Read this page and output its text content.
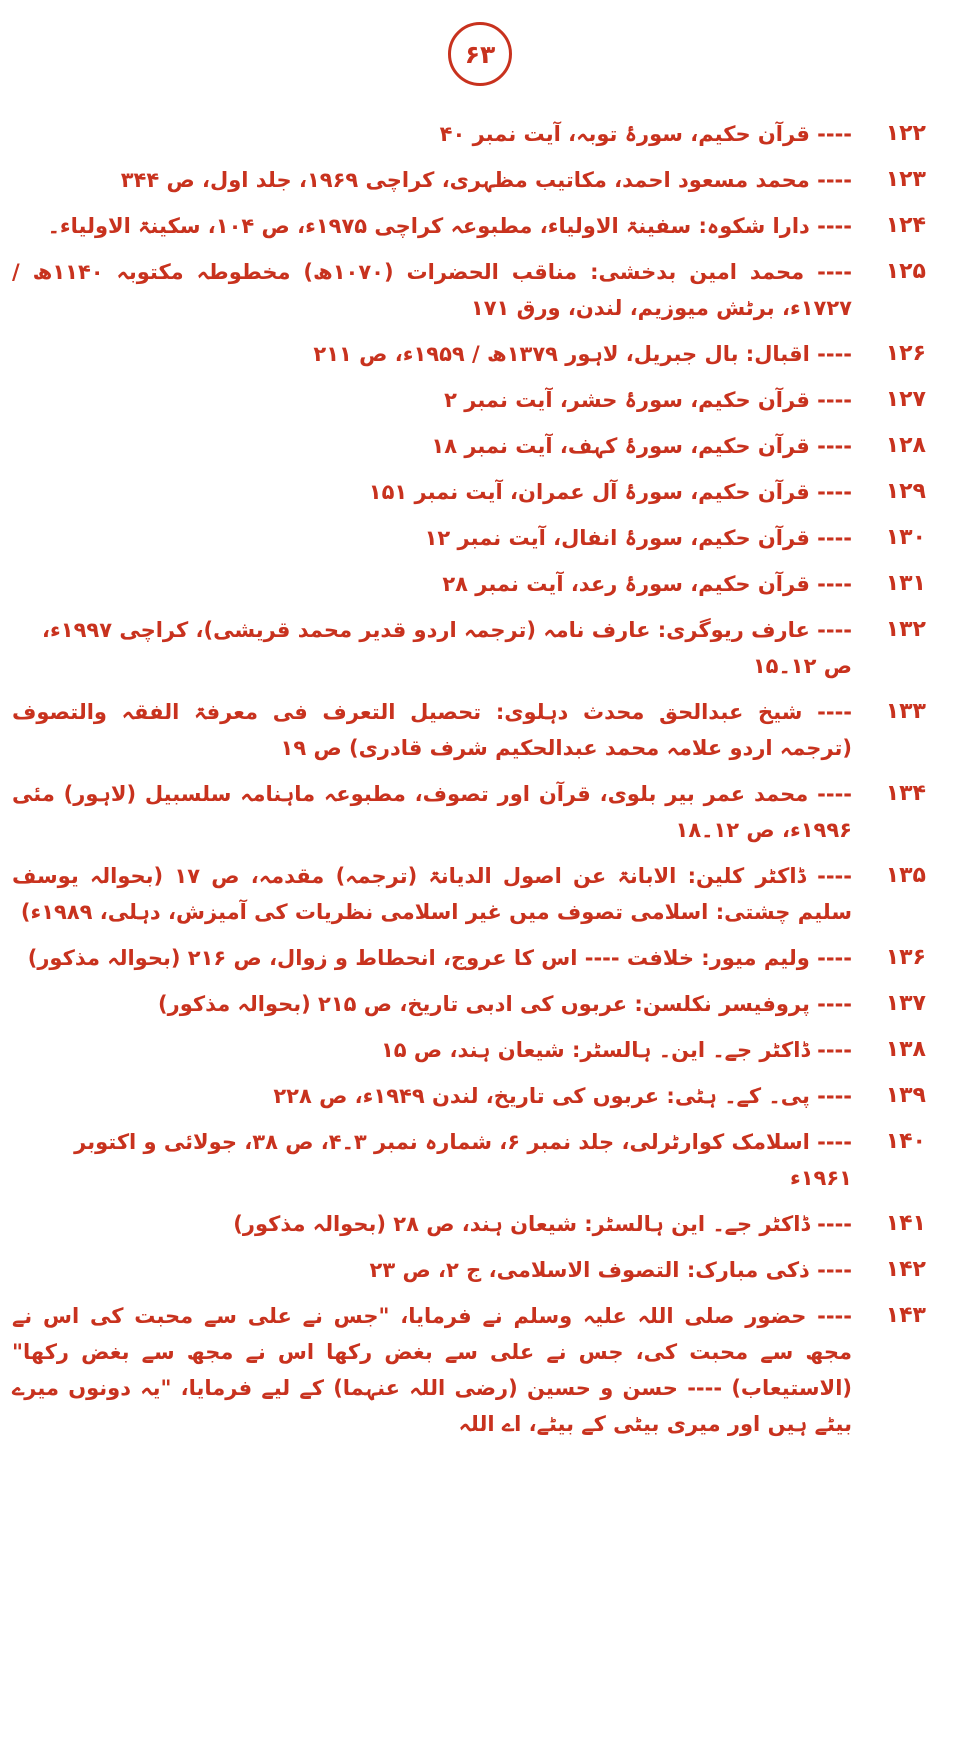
۶۳
۱۲۲
---- قرآن حکیم، سورۂ توبہ، آیت نمبر ۴۰
۱۲۳
---- محمد مسعود احمد، مکاتیب مظہری، کراچی ۱۹۶۹، جلد اول، ص ۳۴۴
۱۲۴
---- دارا شکوہ: سفینۃ الاولیاء، مطبوعہ کراچی ۱۹۷۵ء، ص ۱۰۴، سکینۃ الاولیاء۔
۱۲۵
---- محمد امین بدخشی: مناقب الحضرات (۱۰۷۰ھ) مخطوطہ مکتوبہ ۱۱۴۰ھ / ۱۷۲۷ء، برٹش میوزیم، لندن، ورق ۱۷۱
۱۲۶
---- اقبال: بال جبریل، لاہور ۱۳۷۹ھ / ۱۹۵۹ء، ص ۲۱۱
۱۲۷
---- قرآن حکیم، سورۂ حشر، آیت نمبر ۲
۱۲۸
---- قرآن حکیم، سورۂ کہف، آیت نمبر ۱۸
۱۲۹
---- قرآن حکیم، سورۂ آل عمران، آیت نمبر ۱۵۱
۱۳۰
---- قرآن حکیم، سورۂ انفال، آیت نمبر ۱۲
۱۳۱
---- قرآن حکیم، سورۂ رعد، آیت نمبر ۲۸
۱۳۲
---- عارف ریوگری: عارف نامہ (ترجمہ اردو قدیر محمد قریشی)، کراچی ۱۹۹۷ء، ص ۱۲۔۱۵
۱۳۳
---- شیخ عبدالحق محدث دہلوی: تحصیل التعرف فی معرفۃ الفقہ والتصوف (ترجمہ اردو علامہ محمد عبدالحکیم شرف قادری) ص ۱۹
۱۳۴
---- محمد عمر بیر بلوی، قرآن اور تصوف، مطبوعہ ماہنامہ سلسبیل (لاہور) مئی ۱۹۹۶ء، ص ۱۲۔۱۸
۱۳۵
---- ڈاکٹر کلین: الابانۃ عن اصول الدیانۃ (ترجمہ) مقدمہ، ص ۱۷ (بحوالہ یوسف سلیم چشتی: اسلامی تصوف میں غیر اسلامی نظریات کی آمیزش، دہلی، ۱۹۸۹ء)
۱۳۶
---- ولیم میور: خلافت ---- اس کا عروج، انحطاط و زوال، ص ۲۱۶ (بحوالہ مذکور)
۱۳۷
---- پروفیسر نکلسن: عربوں کی ادبی تاریخ، ص ۲۱۵ (بحوالہ مذکور)
۱۳۸
---- ڈاکٹر جے۔ این۔ ہالسٹر: شیعان ہند، ص ۱۵
۱۳۹
---- پی۔ کے۔ ہٹی: عربوں کی تاریخ، لندن ۱۹۴۹ء، ص ۲۲۸
۱۴۰
---- اسلامک کوارٹرلی، جلد نمبر ۶، شمارہ نمبر ۳۔۴، ص ۳۸، جولائی و اکتوبر ۱۹۶۱ء
۱۴۱
---- ڈاکٹر جے۔ این ہالسٹر: شیعان ہند، ص ۲۸ (بحوالہ مذکور)
۱۴۲
---- ذکی مبارک: التصوف الاسلامی، ج ۲، ص ۲۳
۱۴۳
---- حضور صلی اللہ علیہ وسلم نے فرمایا، "جس نے علی سے محبت کی اس نے مجھ سے محبت کی، جس نے علی سے بغض رکھا اس نے مجھ سے بغض رکھا" (الاستیعاب) ---- حسن و حسین (رضی اللہ عنہما) کے لیے فرمایا، "یہ دونوں میرے بیٹے ہیں اور میری بیٹی کے بیٹے، اے اللہ
